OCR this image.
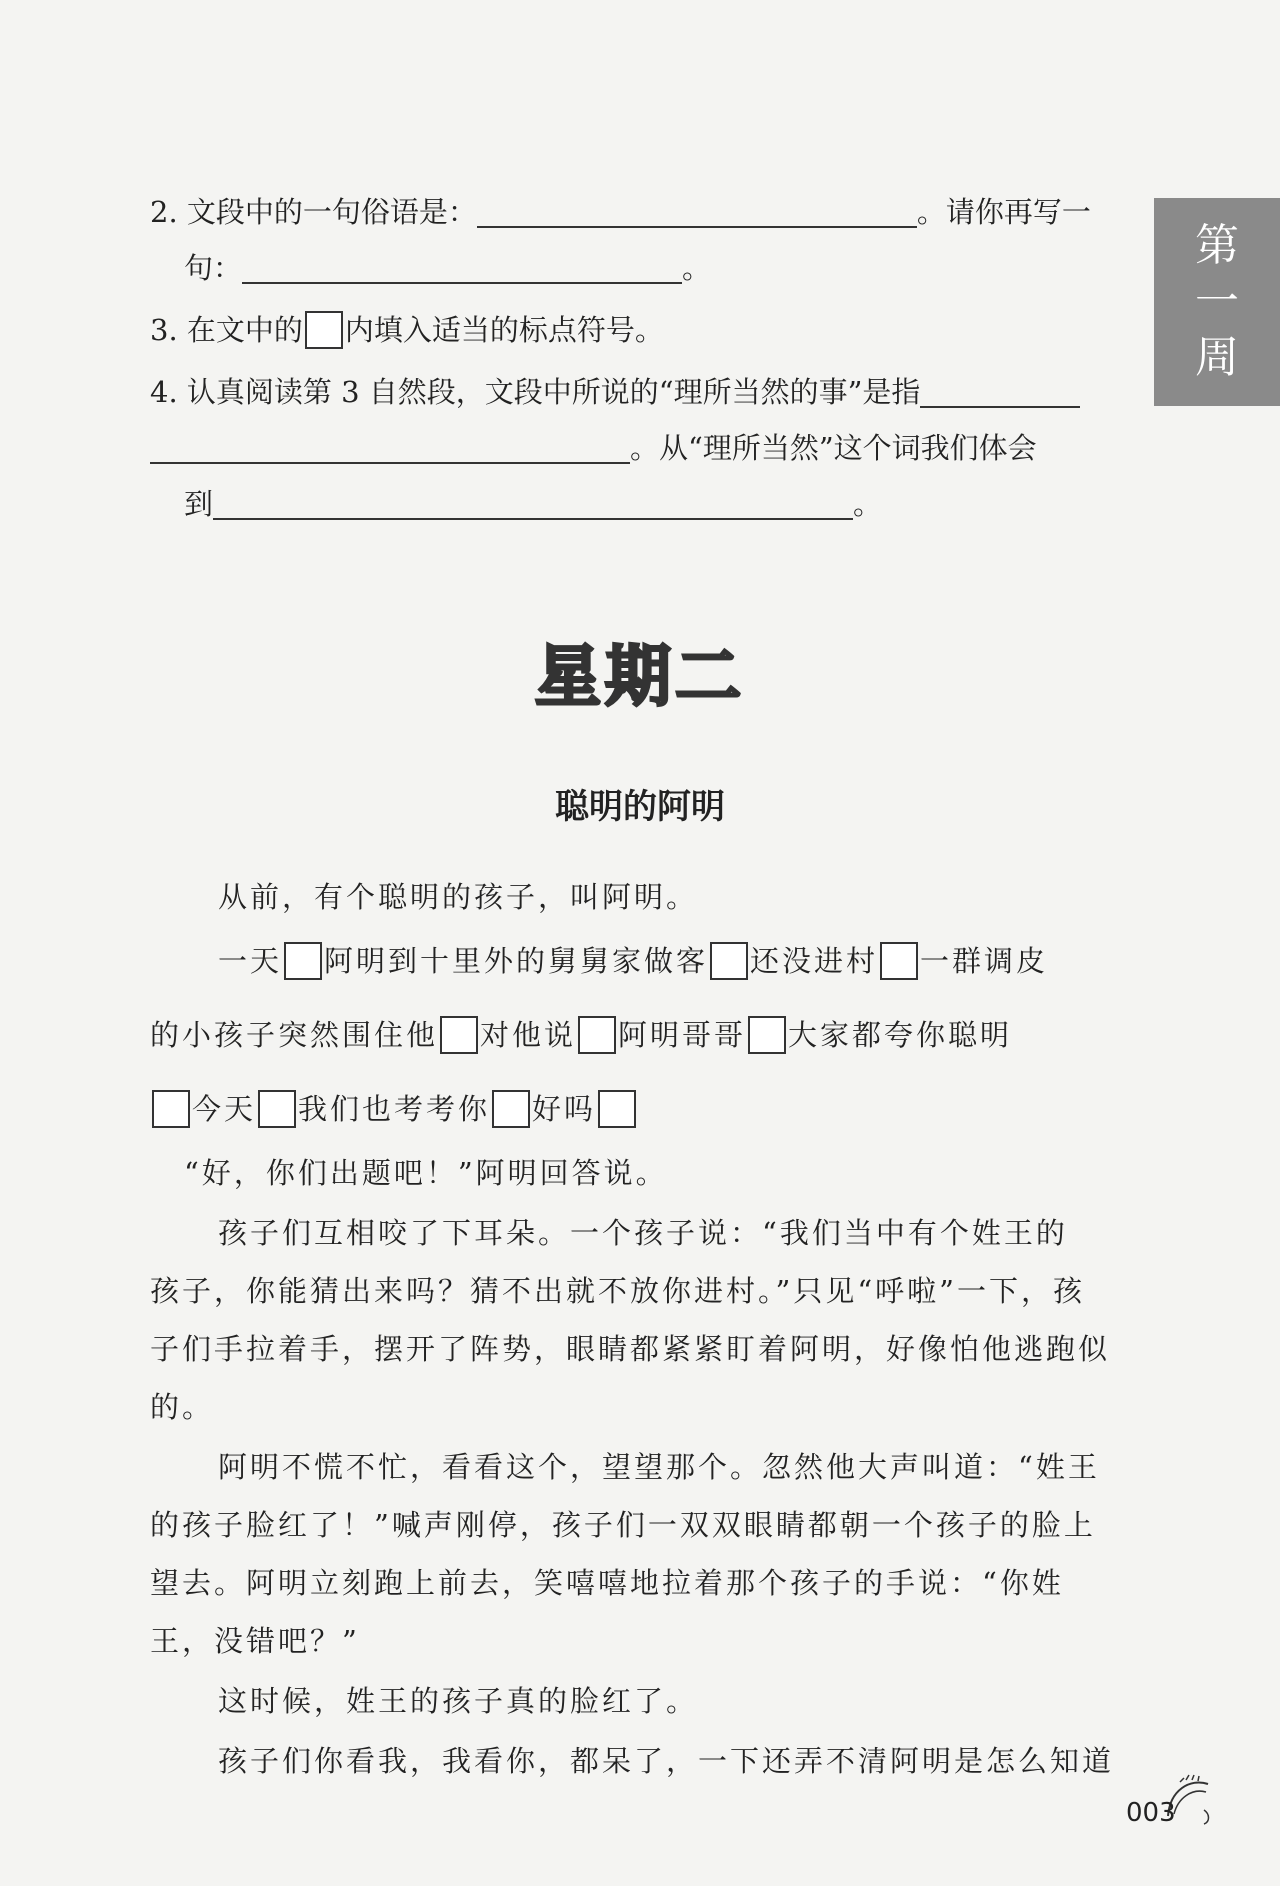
第
一
周
2. 文段中的一句俗语是：	。请你再写一
句：	。
3. 在文中的 内填入适当的标点符号。
4. 认真阅读第 3 自然段，文段中所说的“理所当然的事”是指
。从“理所当然”这个词我们体会
到	。
星期二
聪明的阿明
从前，有个聪明的孩子，叫阿明。
一天 阿明到十里外的舅舅家做客 还没进村 一群调皮
的小孩子突然围住他 对他说 阿明哥哥 大家都夸你聪明
今天 我们也考考你 好吗
“好，你们出题吧！”阿明回答说。
孩子们互相咬了下耳朵。一个孩子说：“我们当中有个姓王的
孩子，你能猜出来吗？猜不出就不放你进村。”只见“呼啦”一下，孩
子们手拉着手，摆开了阵势，眼睛都紧紧盯着阿明，好像怕他逃跑似
的。
阿明不慌不忙，看看这个，望望那个。忽然他大声叫道：“姓王
的孩子脸红了！”喊声刚停，孩子们一双双眼睛都朝一个孩子的脸上
望去。阿明立刻跑上前去，笑嘻嘻地拉着那个孩子的手说：“你姓
王，没错吧？”
这时候，姓王的孩子真的脸红了。
孩子们你看我，我看你，都呆了，一下还弄不清阿明是怎么知道
003
